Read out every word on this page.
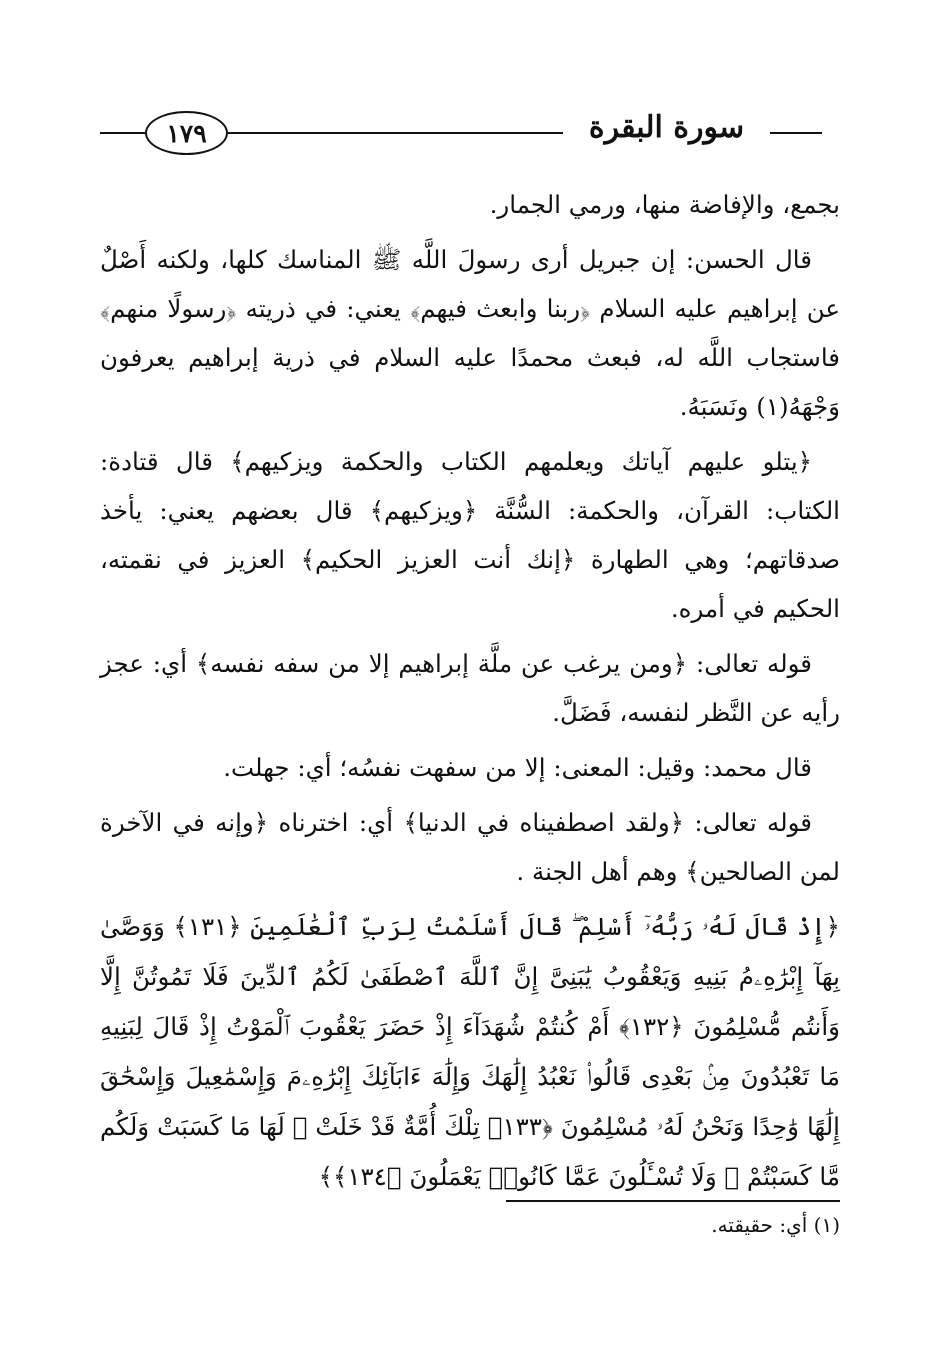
١٧٩	سورة البقرة

بجمع، والإفاضة منها، ورمي الجمار.

قال الحسن: إن جبريل أرى رسولَ اللَّه ﷺ المناسك كلها، ولكنه أَصْلٌ عن إبراهيم عليه السلام ﴿ربنا وابعث فيهم﴾ يعني: في ذريته ﴿رسولًا منهم﴾ فاستجاب اللَّه له، فبعث محمدًا عليه السلام في ذرية إبراهيم يعرفون وَجْهَهُ(١) ونَسَبَهُ.

﴿يتلو عليهم آياتك ويعلمهم الكتاب والحكمة ويزكيهم﴾ قال قتادة: الكتاب: القرآن، والحكمة: السُّنَّة ﴿ويزكيهم﴾ قال بعضهم يعني: يأخذ صدقاتهم؛ وهي الطهارة ﴿إنك أنت العزيز الحكيم﴾ العزيز في نقمته، الحكيم في أمره.

قوله تعالى: ﴿ومن يرغب عن ملَّة إبراهيم إلا من سفه نفسه﴾ أي: عجز رأيه عن النَّظر لنفسه، فَضَلَّ.

قال محمد: وقيل: المعنى: إلا من سفهت نفسُه؛ أي: جهلت.

قوله تعالى: ﴿ولقد اصطفيناه في الدنيا﴾ أي: اخترناه ﴿وإنه في الآخرة لمن الصالحين﴾ وهم أهل الجنة .

﴿إِذْ قَالَ لَهُۥ رَبُّهُۥٓ أَسْلِمْ ۖ قَالَ أَسْلَمْتُ لِرَبِّ ٱلْعَٰلَمِينَ ﴿١٣١﴾ وَوَصَّىٰ بِهَآ إِبْرَٰهِۦمُ بَنِيهِ وَيَعْقُوبُ يَٰبَنِىَّ إِنَّ ٱللَّهَ ٱصْطَفَىٰ لَكُمُ ٱلدِّينَ فَلَا تَمُوتُنَّ إِلَّا وَأَنتُم مُّسْلِمُونَ ﴿١٣٢﴾ أَمْ كُنتُمْ شُهَدَآءَ إِذْ حَضَرَ يَعْقُوبَ ٱلْمَوْتُ إِذْ قَالَ لِبَنِيهِ مَا تَعْبُدُونَ مِنۢ بَعْدِى قَالُوا۟ نَعْبُدُ إِلَٰهَكَ وَإِلَٰهَ ءَابَآئِكَ إِبْرَٰهِۦمَ وَإِسْمَٰعِيلَ وَإِسْحَٰقَ إِلَٰهًا وَٰحِدًا وَنَحْنُ لَهُۥ مُسْلِمُونَ ﴿١٣٣﴾ تِلْكَ أُمَّةٌ قَدْ خَلَتْ ۖ لَهَا مَا كَسَبَتْ وَلَكُم مَّا كَسَبْتُمْ ۖ وَلَا تُسْـَٔلُونَ عَمَّا كَانُوا۟ يَعْمَلُونَ ﴿١٣٤﴾﴾
(١) أي: حقيقته.
